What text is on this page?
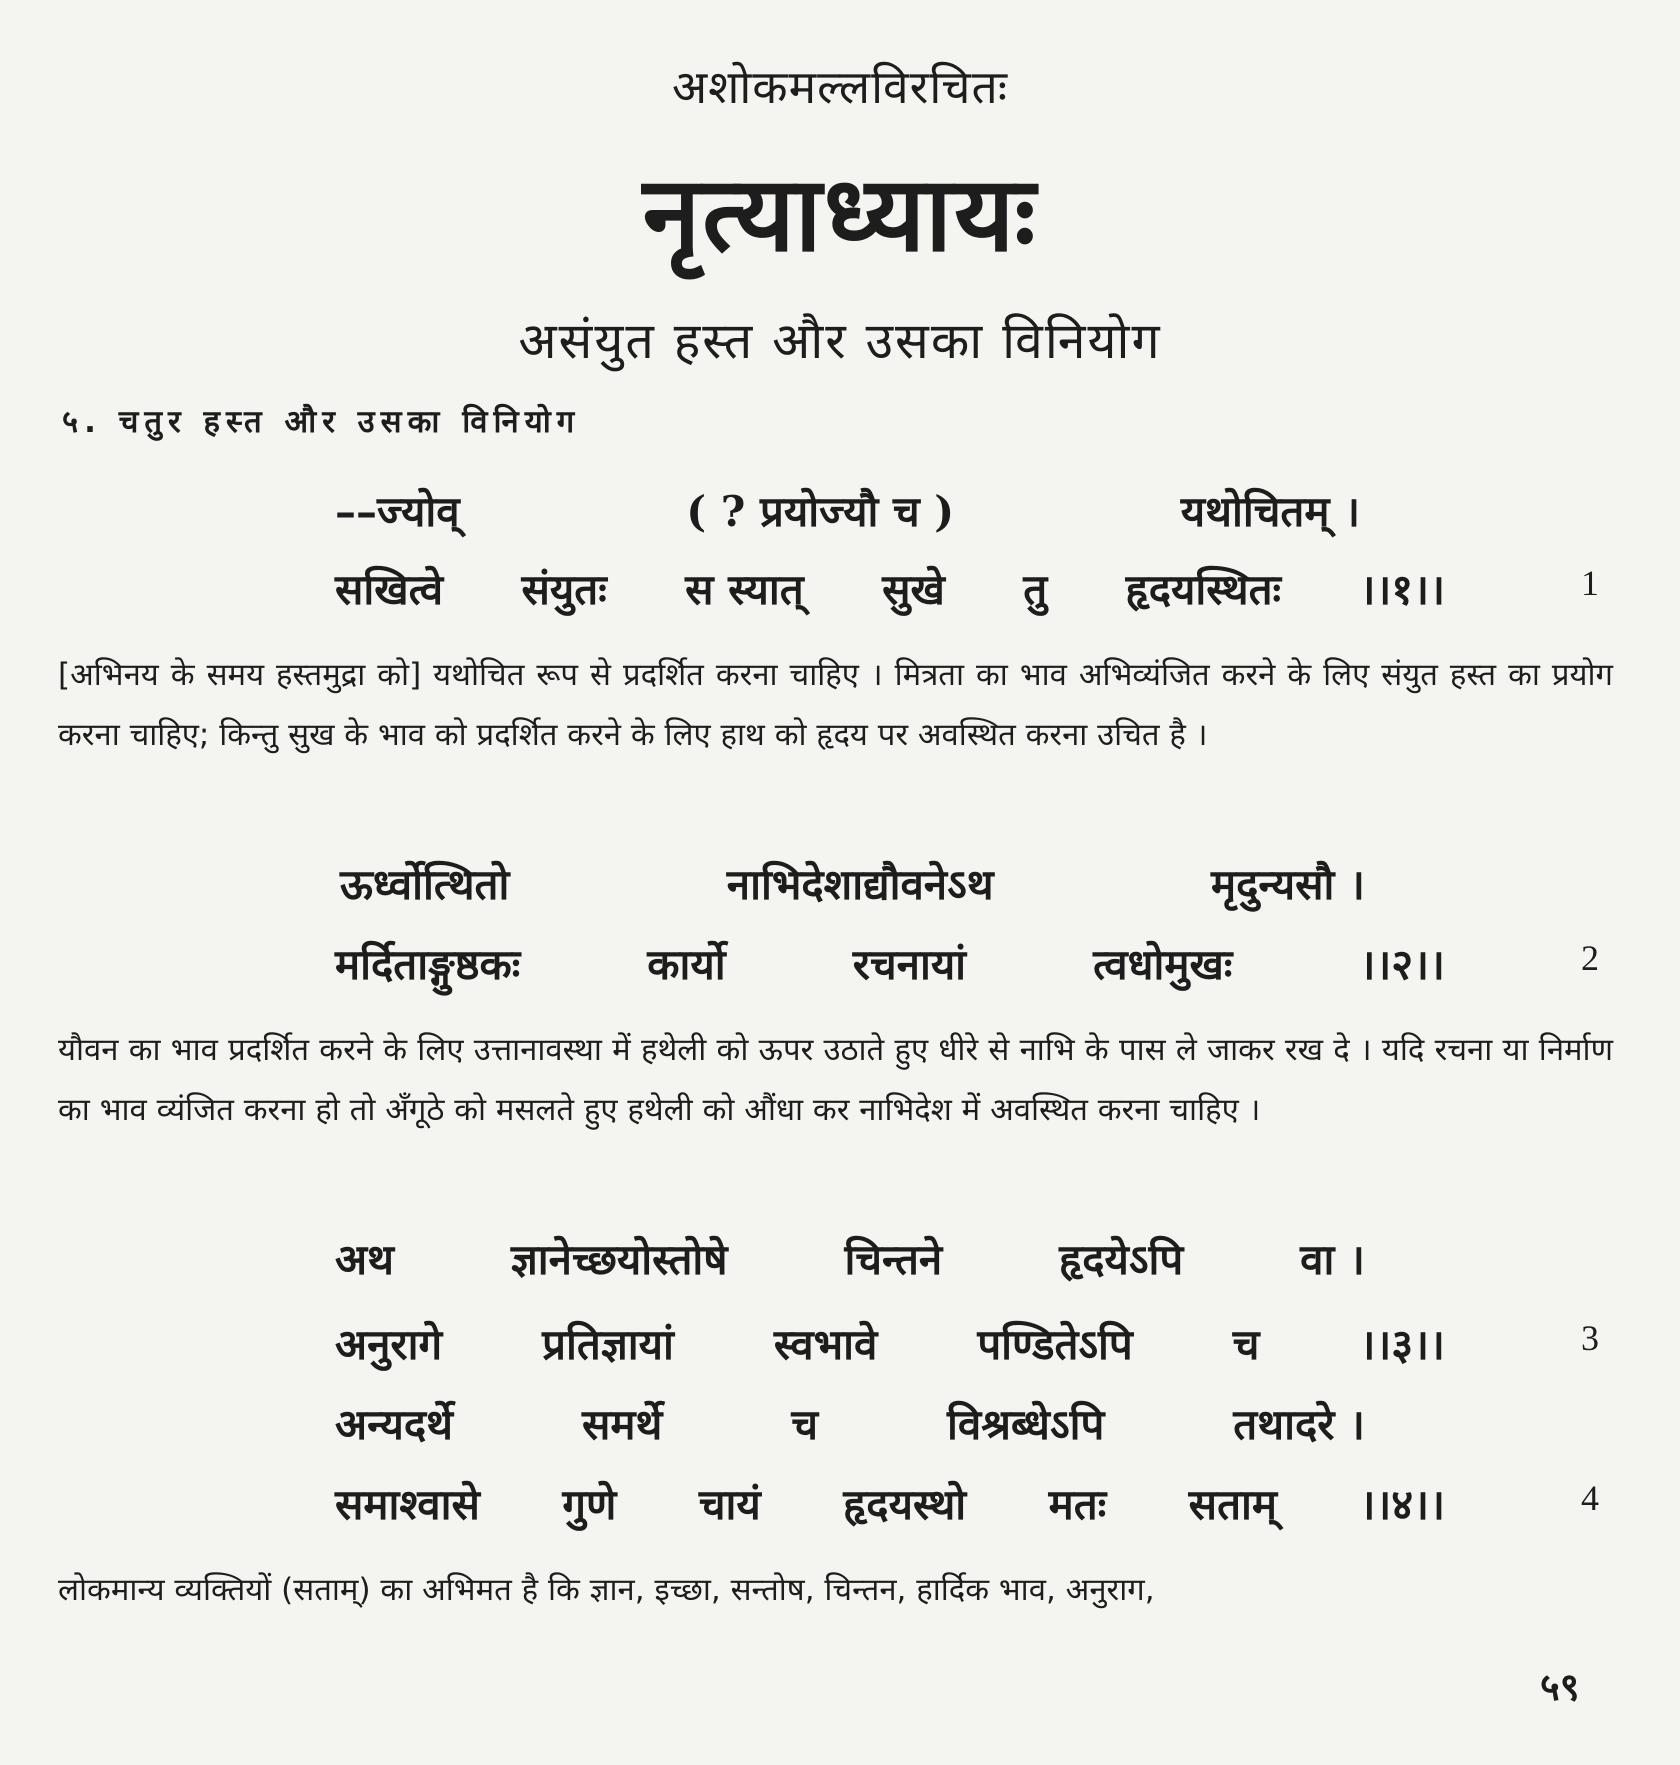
अशोकमल्लविरचितः
नृत्याध्यायः
असंयुत हस्त और उसका विनियोग
५. चतुर हस्त और उसका विनियोग
––ज्योव्	( ? प्रयोज्यौ च )	यथोचितम् ।
सखित्वे संयुतः स स्यात् सुखे तु हृदयस्थितः ।।१।।	1
[अभिनय के समय हस्तमुद्रा को] यथोचित रूप से प्रदर्शित करना चाहिए । मित्रता का भाव अभिव्यंजित करने के लिए संयुत हस्त का प्रयोग करना चाहिए; किन्तु सुख के भाव को प्रदर्शित करने के लिए हाथ को हृदय पर अवस्थित करना उचित है ।
ऊर्ध्वोत्थितो	नाभिदेशाद्यौवनेऽथ	मृदुन्यसौ ।
मर्दिताङ्गुष्ठकः	कार्यो	रचनायां	त्वधोमुखः	।।२।।	2
यौवन का भाव प्रदर्शित करने के लिए उत्तानावस्था में हथेली को ऊपर उठाते हुए धीरे से नाभि के पास ले जाकर रख दे । यदि रचना या निर्माण का भाव व्यंजित करना हो तो अँगूठे को मसलते हुए हथेली को औंधा कर नाभिदेश में अवस्थित करना चाहिए ।
अथ	ज्ञानेच्छयोस्तोषे	चिन्तने	हृदयेऽपि	वा ।
अनुरागे प्रतिज्ञायां स्वभावे पण्डितेऽपि च ।।३।।	3
अन्यदर्थे	समर्थे	च	विश्रब्धेऽपि	तथादरे ।
समाश्वासे गुणे चायं हृदयस्थो मतः सताम् ।।४।।	4
लोकमान्य व्यक्तियों (सताम्) का अभिमत है कि ज्ञान, इच्छा, सन्तोष, चिन्तन, हार्दिक भाव, अनुराग,
५९
